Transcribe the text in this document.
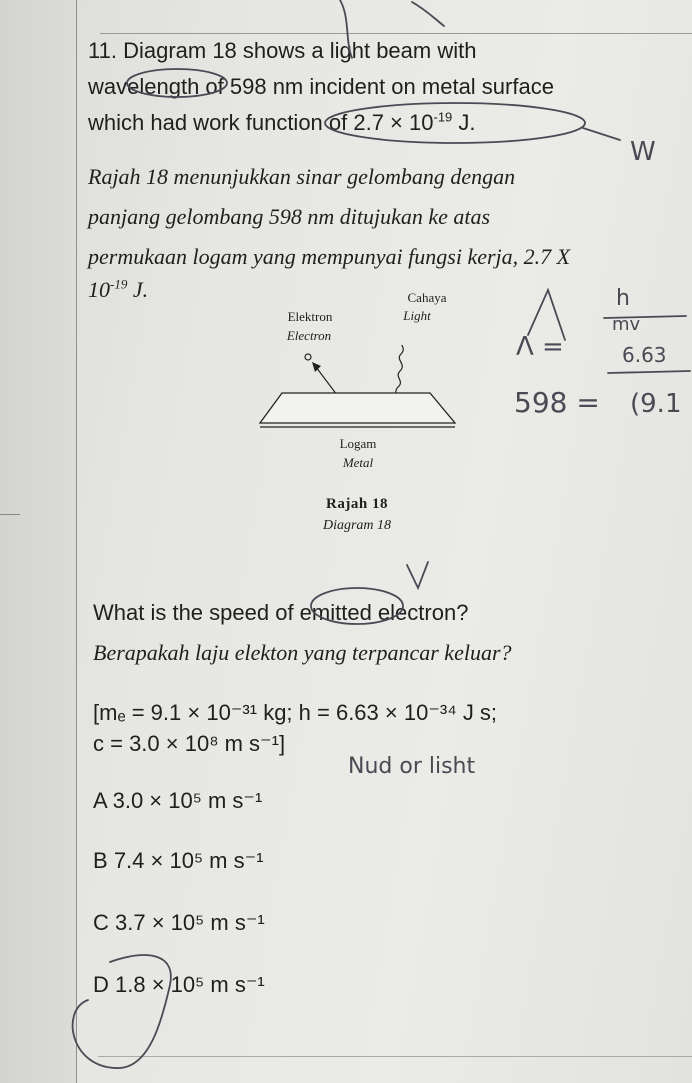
11. Diagram 18 shows a light beam with
wavelength of 598 nm incident on metal surface
which had work function of $2.7 \times 10^{-19}$ J.
Rajah 18 menunjukkan sinar gelombang dengan
panjang gelombang 598 nm ditujukan ke atas
permukaan logam yang mempunyai fungsi kerja, 2.7 X
$10^{-19}$ J.	Cahaya
Light
Elektron
Electron
Logam
Metal
Rajah 18
Diagram 18
What is the speed of emitted electron?
Berapakah laju elekton yang terpancar keluar?
[mₑ = 9.1 × 10⁻³¹ kg; h = 6.63 × 10⁻³⁴ J s;
c = 3.0 × 10⁸ m s⁻¹]
A 3.0 × 10⁵ m s⁻¹
B 7.4 × 10⁵ m s⁻¹
C 3.7 × 10⁵ m s⁻¹
D 1.8 × 10⁵ m s⁻¹
W
h
mv
Λ =	6.63
598 = (9.1
Nud or lisht
